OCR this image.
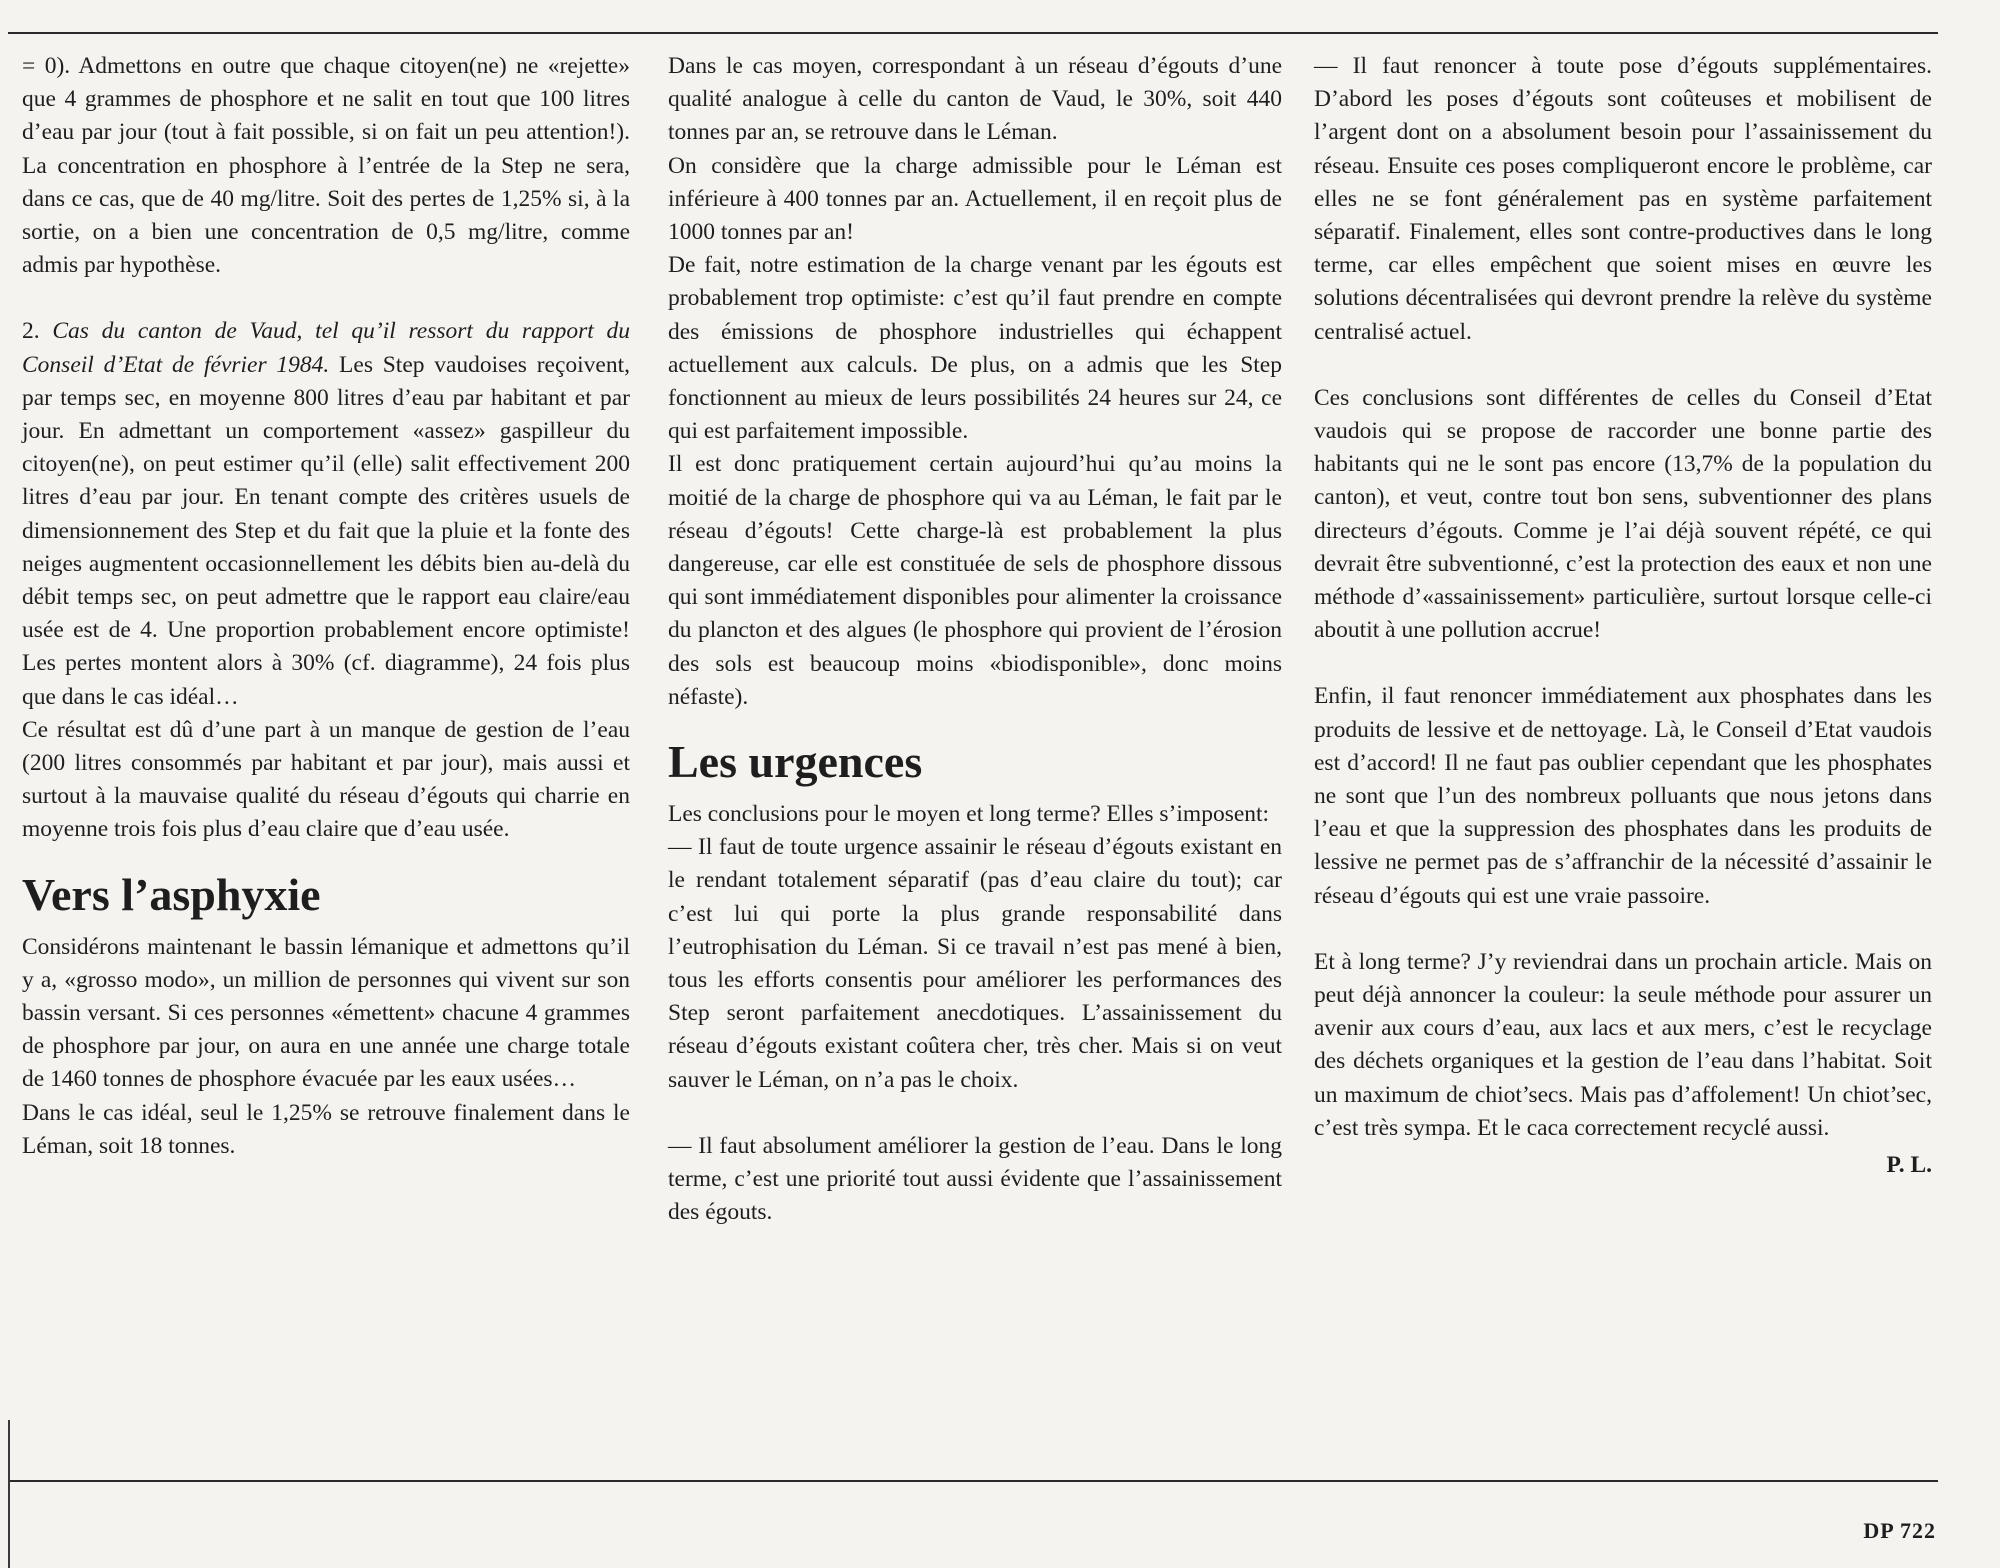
= 0). Admettons en outre que chaque citoyen(ne) ne «rejette» que 4 grammes de phosphore et ne salit en tout que 100 litres d’eau par jour (tout à fait possible, si on fait un peu attention!). La concentration en phosphore à l’entrée de la Step ne sera, dans ce cas, que de 40 mg/litre. Soit des pertes de 1,25% si, à la sortie, on a bien une concentration de 0,5 mg/litre, comme admis par hypothèse.

2. Cas du canton de Vaud, tel qu’il ressort du rapport du Conseil d’Etat de février 1984. Les Step vaudoises reçoivent, par temps sec, en moyenne 800 litres d’eau par habitant et par jour. En admettant un comportement «assez» gaspilleur du citoyen(ne), on peut estimer qu’il (elle) salit effectivement 200 litres d’eau par jour. En tenant compte des critères usuels de dimensionnement des Step et du fait que la pluie et la fonte des neiges augmentent occasionnellement les débits bien au-delà du débit temps sec, on peut admettre que le rapport eau claire/eau usée est de 4. Une proportion probablement encore optimiste! Les pertes montent alors à 30% (cf. diagramme), 24 fois plus que dans le cas idéal…

Ce résultat est dû d’une part à un manque de gestion de l’eau (200 litres consommés par habitant et par jour), mais aussi et surtout à la mauvaise qualité du réseau d’égouts qui charrie en moyenne trois fois plus d’eau claire que d’eau usée.

Vers l’asphyxie

Considérons maintenant le bassin lémanique et admettons qu’il y a, «grosso modo», un million de personnes qui vivent sur son bassin versant. Si ces personnes «émettent» chacune 4 grammes de phosphore par jour, on aura en une année une charge totale de 1460 tonnes de phosphore évacuée par les eaux usées…

Dans le cas idéal, seul le 1,25% se retrouve finalement dans le Léman, soit 18 tonnes.

Dans le cas moyen, correspondant à un réseau d’égouts d’une qualité analogue à celle du canton de Vaud, le 30%, soit 440 tonnes par an, se retrouve dans le Léman.

On considère que la charge admissible pour le Léman est inférieure à 400 tonnes par an. Actuellement, il en reçoit plus de 1000 tonnes par an!

De fait, notre estimation de la charge venant par les égouts est probablement trop optimiste: c’est qu’il faut prendre en compte des émissions de phosphore industrielles qui échappent actuellement aux calculs. De plus, on a admis que les Step fonctionnent au mieux de leurs possibilités 24 heures sur 24, ce qui est parfaitement impossible.

Il est donc pratiquement certain aujourd’hui qu’au moins la moitié de la charge de phosphore qui va au Léman, le fait par le réseau d’égouts! Cette charge-là est probablement la plus dangereuse, car elle est constituée de sels de phosphore dissous qui sont immédiatement disponibles pour alimenter la croissance du plancton et des algues (le phosphore qui provient de l’érosion des sols est beaucoup moins «biodisponible», donc moins néfaste).

Les urgences

Les conclusions pour le moyen et long terme? Elles s’imposent:

— Il faut de toute urgence assainir le réseau d’égouts existant en le rendant totalement séparatif (pas d’eau claire du tout); car c’est lui qui porte la plus grande responsabilité dans l’eutrophisation du Léman. Si ce travail n’est pas mené à bien, tous les efforts consentis pour améliorer les performances des Step seront parfaitement anecdotiques. L’assainissement du réseau d’égouts existant coûtera cher, très cher. Mais si on veut sauver le Léman, on n’a pas le choix.

— Il faut absolument améliorer la gestion de l’eau. Dans le long terme, c’est une priorité tout aussi évidente que l’assainissement des égouts.

— Il faut renoncer à toute pose d’égouts supplémentaires. D’abord les poses d’égouts sont coûteuses et mobilisent de l’argent dont on a absolument besoin pour l’assainissement du réseau. Ensuite ces poses compliqueront encore le problème, car elles ne se font généralement pas en système parfaitement séparatif. Finalement, elles sont contre-productives dans le long terme, car elles empêchent que soient mises en œuvre les solutions décentralisées qui devront prendre la relève du système centralisé actuel.

Ces conclusions sont différentes de celles du Conseil d’Etat vaudois qui se propose de raccorder une bonne partie des habitants qui ne le sont pas encore (13,7% de la population du canton), et veut, contre tout bon sens, subventionner des plans directeurs d’égouts. Comme je l’ai déjà souvent répété, ce qui devrait être subventionné, c’est la protection des eaux et non une méthode d’«assainissement» particulière, surtout lorsque celle-ci aboutit à une pollution accrue!

Enfin, il faut renoncer immédiatement aux phosphates dans les produits de lessive et de nettoyage. Là, le Conseil d’Etat vaudois est d’accord! Il ne faut pas oublier cependant que les phosphates ne sont que l’un des nombreux polluants que nous jetons dans l’eau et que la suppression des phosphates dans les produits de lessive ne permet pas de s’affranchir de la nécessité d’assainir le réseau d’égouts qui est une vraie passoire.

Et à long terme? J’y reviendrai dans un prochain article. Mais on peut déjà annoncer la couleur: la seule méthode pour assurer un avenir aux cours d’eau, aux lacs et aux mers, c’est le recyclage des déchets organiques et la gestion de l’eau dans l’habitat. Soit un maximum de chiot’secs. Mais pas d’affolement! Un chiot’sec, c’est très sympa. Et le caca correctement recyclé aussi.

P. L.

DP 722
